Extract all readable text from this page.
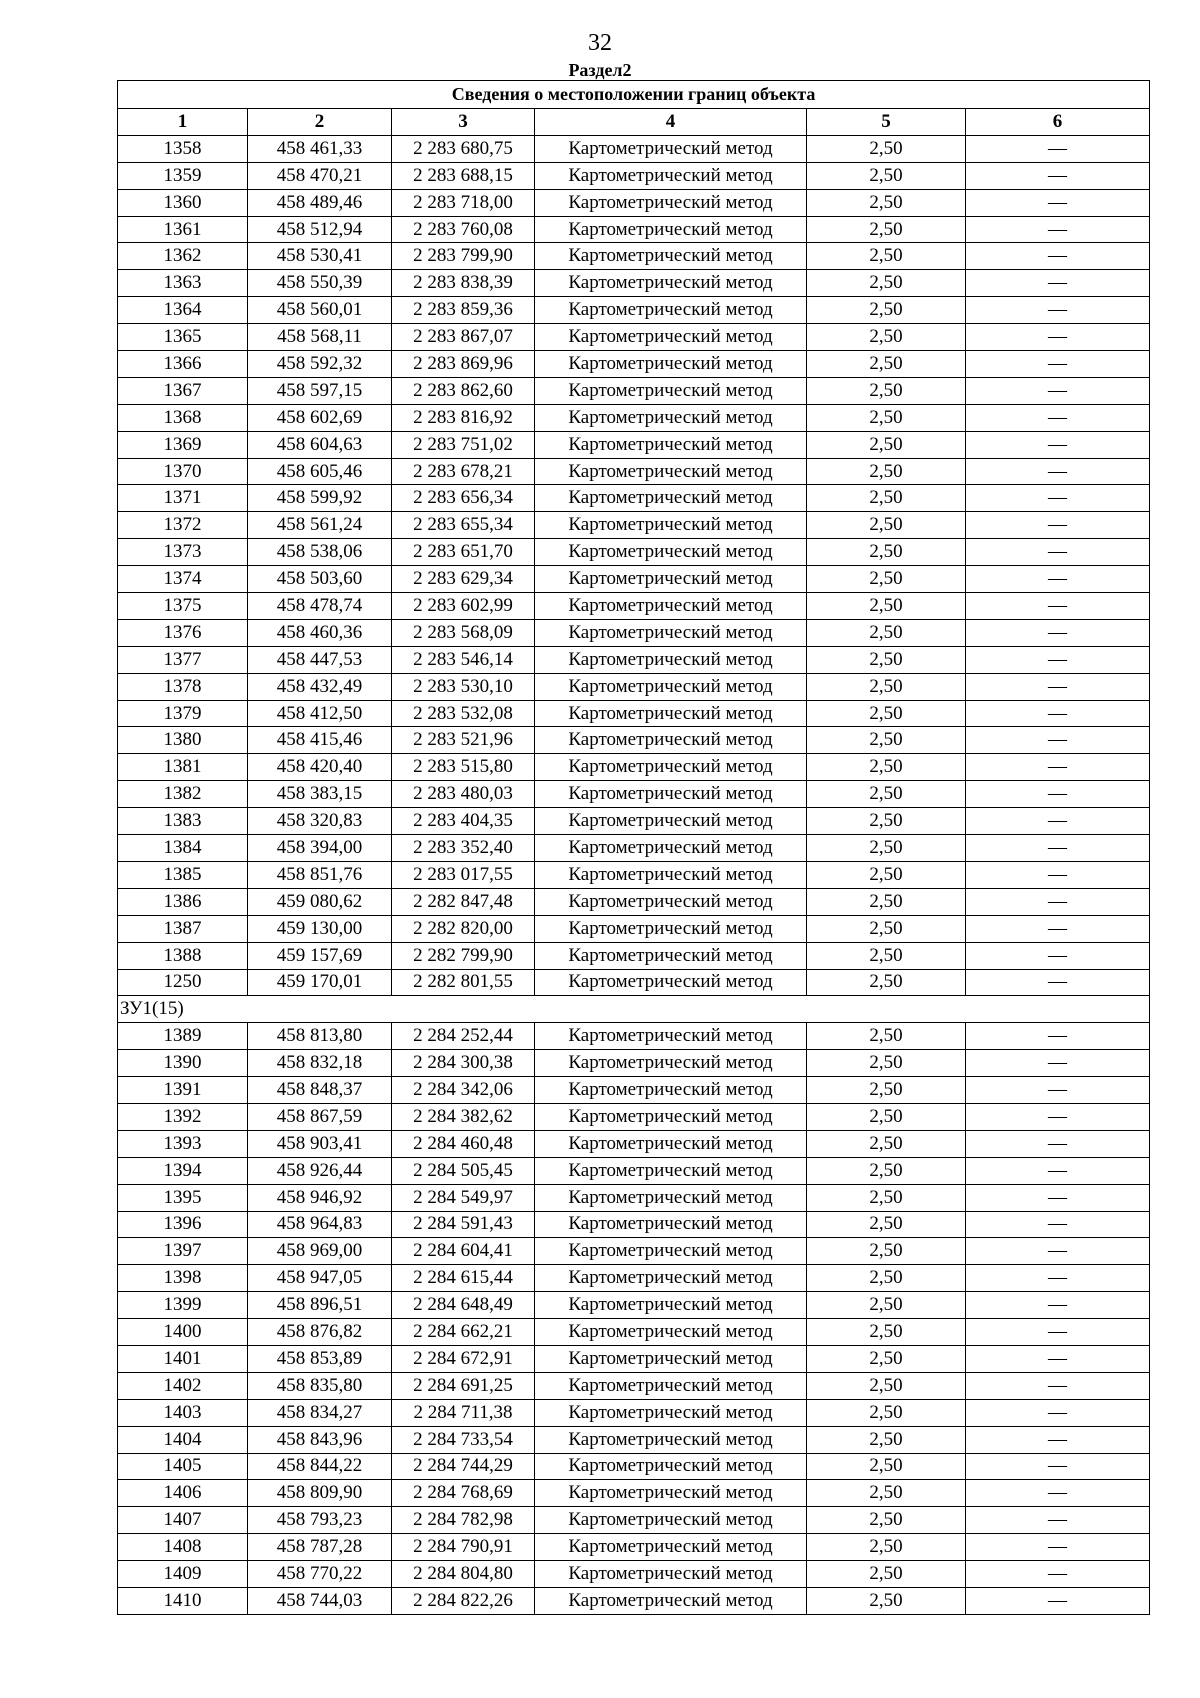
32
Раздел2
Сведения о местоположении границ объекта					
1	2	3	4	5	6
1358	458 461,33	2 283 680,75	Картометрический метод	2,50	—
1359	458 470,21	2 283 688,15	Картометрический метод	2,50	—
1360	458 489,46	2 283 718,00	Картометрический метод	2,50	—
1361	458 512,94	2 283 760,08	Картометрический метод	2,50	—
1362	458 530,41	2 283 799,90	Картометрический метод	2,50	—
1363	458 550,39	2 283 838,39	Картометрический метод	2,50	—
1364	458 560,01	2 283 859,36	Картометрический метод	2,50	—
1365	458 568,11	2 283 867,07	Картометрический метод	2,50	—
1366	458 592,32	2 283 869,96	Картометрический метод	2,50	—
1367	458 597,15	2 283 862,60	Картометрический метод	2,50	—
1368	458 602,69	2 283 816,92	Картометрический метод	2,50	—
1369	458 604,63	2 283 751,02	Картометрический метод	2,50	—
1370	458 605,46	2 283 678,21	Картометрический метод	2,50	—
1371	458 599,92	2 283 656,34	Картометрический метод	2,50	—
1372	458 561,24	2 283 655,34	Картометрический метод	2,50	—
1373	458 538,06	2 283 651,70	Картометрический метод	2,50	—
1374	458 503,60	2 283 629,34	Картометрический метод	2,50	—
1375	458 478,74	2 283 602,99	Картометрический метод	2,50	—
1376	458 460,36	2 283 568,09	Картометрический метод	2,50	—
1377	458 447,53	2 283 546,14	Картометрический метод	2,50	—
1378	458 432,49	2 283 530,10	Картометрический метод	2,50	—
1379	458 412,50	2 283 532,08	Картометрический метод	2,50	—
1380	458 415,46	2 283 521,96	Картометрический метод	2,50	—
1381	458 420,40	2 283 515,80	Картометрический метод	2,50	—
1382	458 383,15	2 283 480,03	Картометрический метод	2,50	—
1383	458 320,83	2 283 404,35	Картометрический метод	2,50	—
1384	458 394,00	2 283 352,40	Картометрический метод	2,50	—
1385	458 851,76	2 283 017,55	Картометрический метод	2,50	—
1386	459 080,62	2 282 847,48	Картометрический метод	2,50	—
1387	459 130,00	2 282 820,00	Картометрический метод	2,50	—
1388	459 157,69	2 282 799,90	Картометрический метод	2,50	—
1250	459 170,01	2 282 801,55	Картометрический метод	2,50	—
ЗУ1(15)					
1389	458 813,80	2 284 252,44	Картометрический метод	2,50	—
1390	458 832,18	2 284 300,38	Картометрический метод	2,50	—
1391	458 848,37	2 284 342,06	Картометрический метод	2,50	—
1392	458 867,59	2 284 382,62	Картометрический метод	2,50	—
1393	458 903,41	2 284 460,48	Картометрический метод	2,50	—
1394	458 926,44	2 284 505,45	Картометрический метод	2,50	—
1395	458 946,92	2 284 549,97	Картометрический метод	2,50	—
1396	458 964,83	2 284 591,43	Картометрический метод	2,50	—
1397	458 969,00	2 284 604,41	Картометрический метод	2,50	—
1398	458 947,05	2 284 615,44	Картометрический метод	2,50	—
1399	458 896,51	2 284 648,49	Картометрический метод	2,50	—
1400	458 876,82	2 284 662,21	Картометрический метод	2,50	—
1401	458 853,89	2 284 672,91	Картометрический метод	2,50	—
1402	458 835,80	2 284 691,25	Картометрический метод	2,50	—
1403	458 834,27	2 284 711,38	Картометрический метод	2,50	—
1404	458 843,96	2 284 733,54	Картометрический метод	2,50	—
1405	458 844,22	2 284 744,29	Картометрический метод	2,50	—
1406	458 809,90	2 284 768,69	Картометрический метод	2,50	—
1407	458 793,23	2 284 782,98	Картометрический метод	2,50	—
1408	458 787,28	2 284 790,91	Картометрический метод	2,50	—
1409	458 770,22	2 284 804,80	Картометрический метод	2,50	—
1410	458 744,03	2 284 822,26	Картометрический метод	2,50	—
